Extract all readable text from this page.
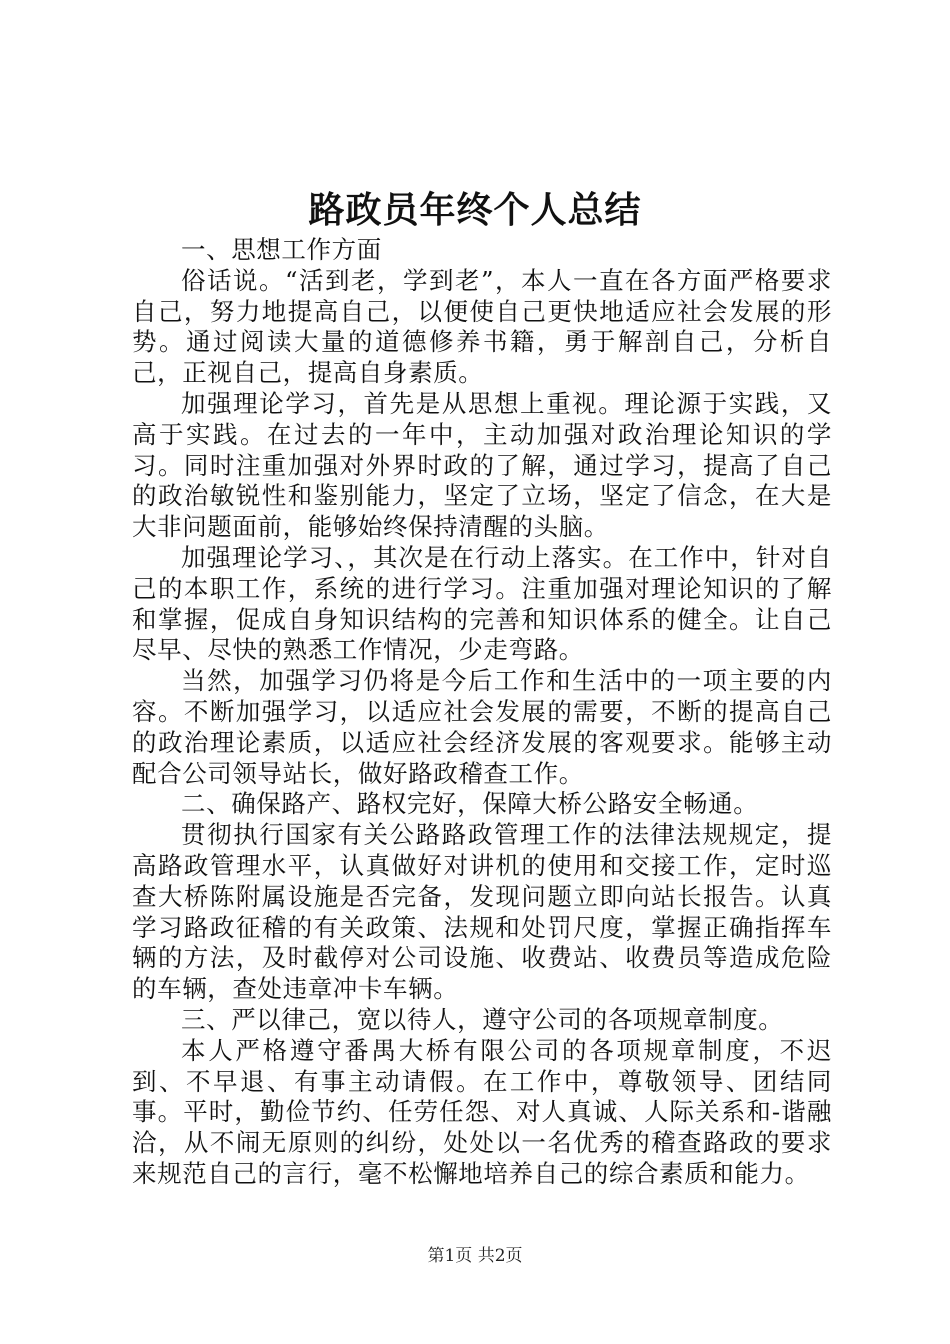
路政员年终个人总结

一、思想工作方面

俗话说。“活到老，学到老”，本人一直在各方面严格要求自己，努力地提高自己，以便使自己更快地适应社会发展的形势。通过阅读大量的道德修养书籍，勇于解剖自己，分析自己，正视自己，提高自身素质。

加强理论学习，首先是从思想上重视。理论源于实践，又高于实践。在过去的一年中，主动加强对政治理论知识的学习。同时注重加强对外界时政的了解，通过学习，提高了自己的政治敏锐性和鉴别能力，坚定了立场，坚定了信念，在大是大非问题面前，能够始终保持清醒的头脑。

加强理论学习、，其次是在行动上落实。在工作中，针对自己的本职工作，系统的进行学习。注重加强对理论知识的了解和掌握，促成自身知识结构的完善和知识体系的健全。让自己尽早、尽快的熟悉工作情况，少走弯路。

当然，加强学习仍将是今后工作和生活中的一项主要的内容。不断加强学习，以适应社会发展的需要，不断的提高自己的政治理论素质，以适应社会经济发展的客观要求。能够主动配合公司领导站长，做好路政稽查工作。

二、确保路产、路权完好，保障大桥公路安全畅通。

贯彻执行国家有关公路路政管理工作的法律法规规定，提高路政管理水平，认真做好对讲机的使用和交接工作，定时巡查大桥陈附属设施是否完备，发现问题立即向站长报告。认真学习路政征稽的有关政策、法规和处罚尺度，掌握正确指挥车辆的方法，及时截停对公司设施、收费站、收费员等造成危险的车辆，查处违章冲卡车辆。

三、严以律己，宽以待人，遵守公司的各项规章制度。

本人严格遵守番禺大桥有限公司的各项规章制度，不迟到、不早退、有事主动请假。在工作中，尊敬领导、团结同事。平时，勤俭节约、任劳任怨、对人真诚、人际关系和-谐融洽，从不闹无原则的纠纷，处处以一名优秀的稽查路政的要求来规范自己的言行，毫不松懈地培养自己的综合素质和能力。

第1页 共2页
